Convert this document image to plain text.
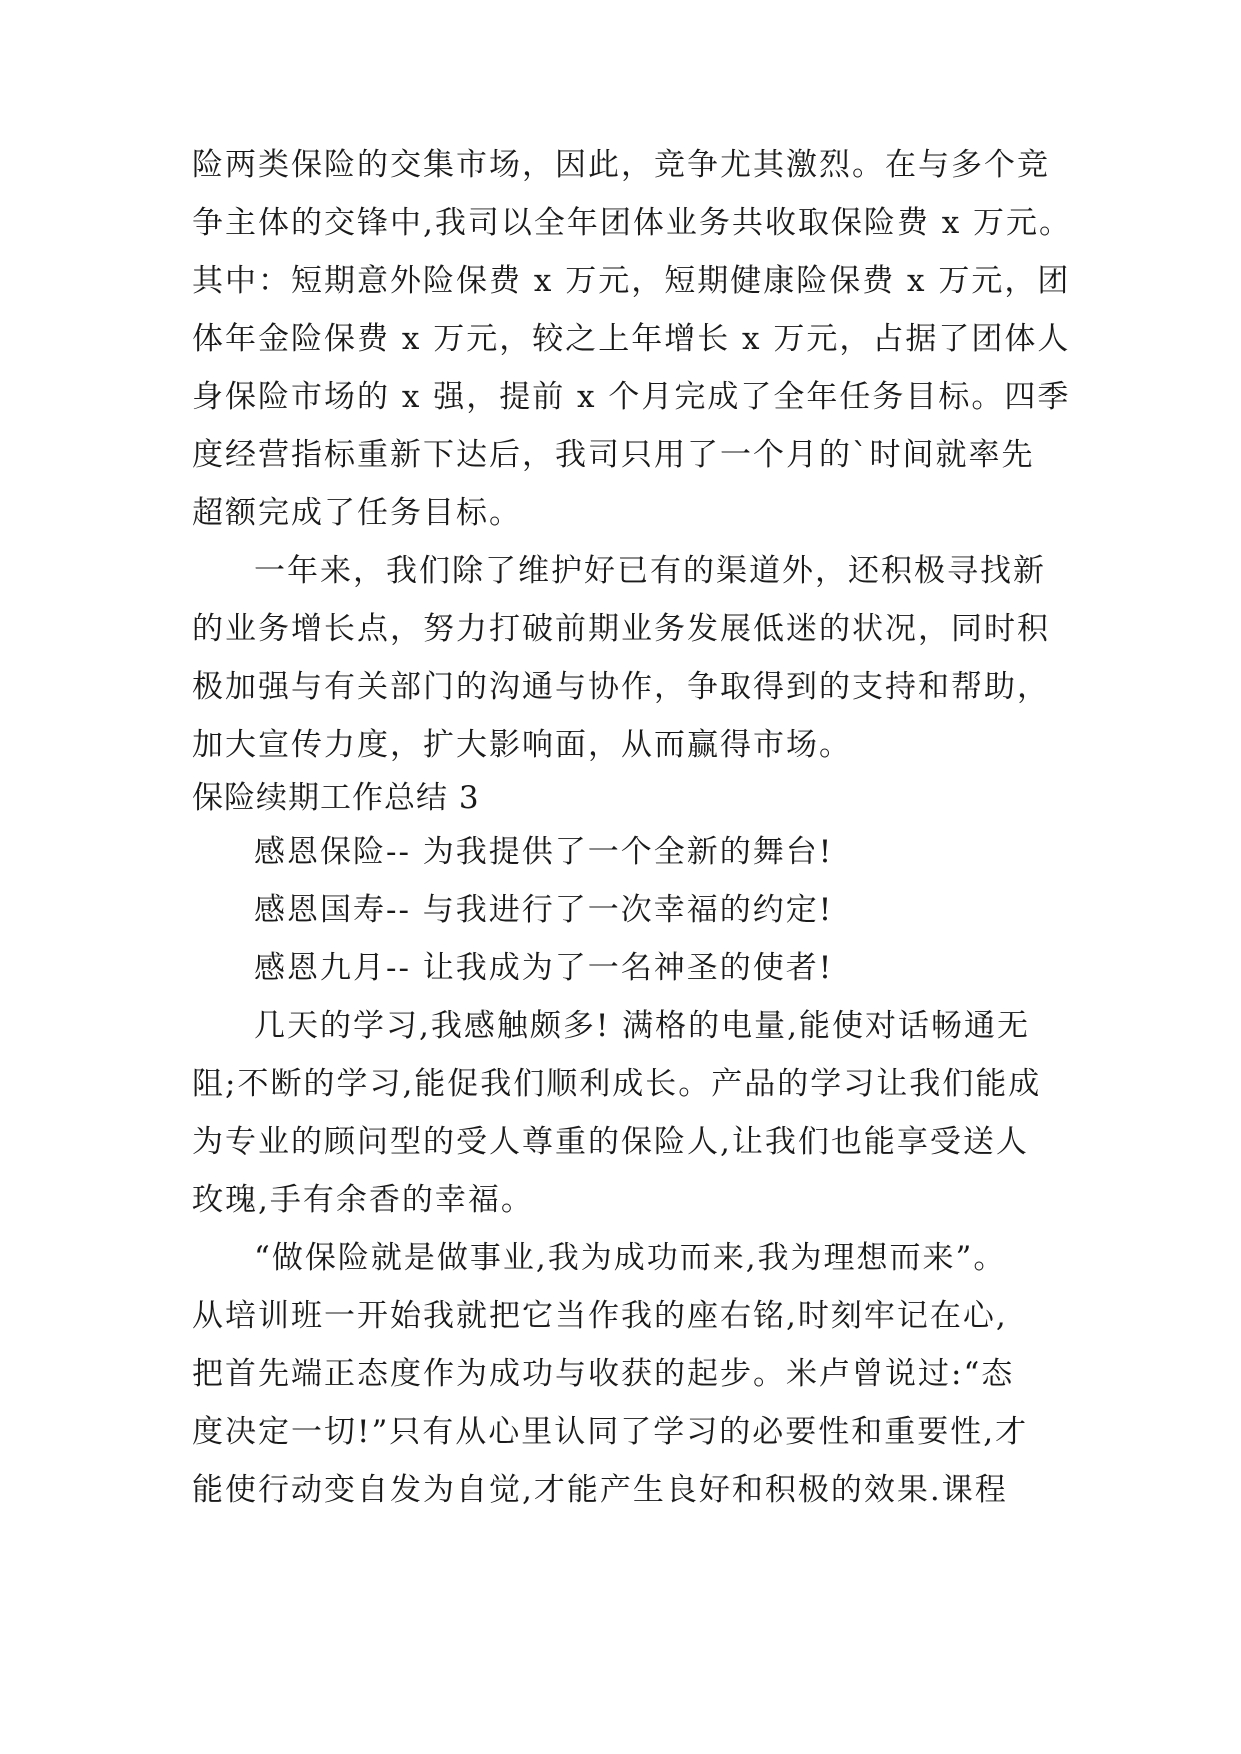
险两类保险的交集市场，因此，竞争尤其激烈。在与多个竞
争主体的交锋中,我司以全年团体业务共收取保险费 x 万元。
其中：短期意外险保费 x 万元，短期健康险保费 x 万元，团
体年金险保费 x 万元，较之上年增长 x 万元，占据了团体人
身保险市场的 x 强，提前 x 个月完成了全年任务目标。四季
度经营指标重新下达后，我司只用了一个月的`时间就率先
超额完成了任务目标。
一年来，我们除了维护好已有的渠道外，还积极寻找新
的业务增长点，努力打破前期业务发展低迷的状况，同时积
极加强与有关部门的沟通与协作，争取得到的支持和帮助，
加大宣传力度，扩大影响面，从而赢得市场。
保险续期工作总结 3
感恩保险-- 为我提供了一个全新的舞台!
感恩国寿-- 与我进行了一次幸福的约定!
感恩九月-- 让我成为了一名神圣的使者!
几天的学习,我感触颇多! 满格的电量,能使对话畅通无
阻;不断的学习,能促我们顺利成长。产品的学习让我们能成
为专业的顾问型的受人尊重的保险人,让我们也能享受送人
玫瑰,手有余香的幸福。
“做保险就是做事业,我为成功而来,我为理想而来”。
从培训班一开始我就把它当作我的座右铭,时刻牢记在心,
把首先端正态度作为成功与收获的起步。米卢曾说过:“态
度决定一切!”只有从心里认同了学习的必要性和重要性,才
能使行动变自发为自觉,才能产生良好和积极的效果.课程
